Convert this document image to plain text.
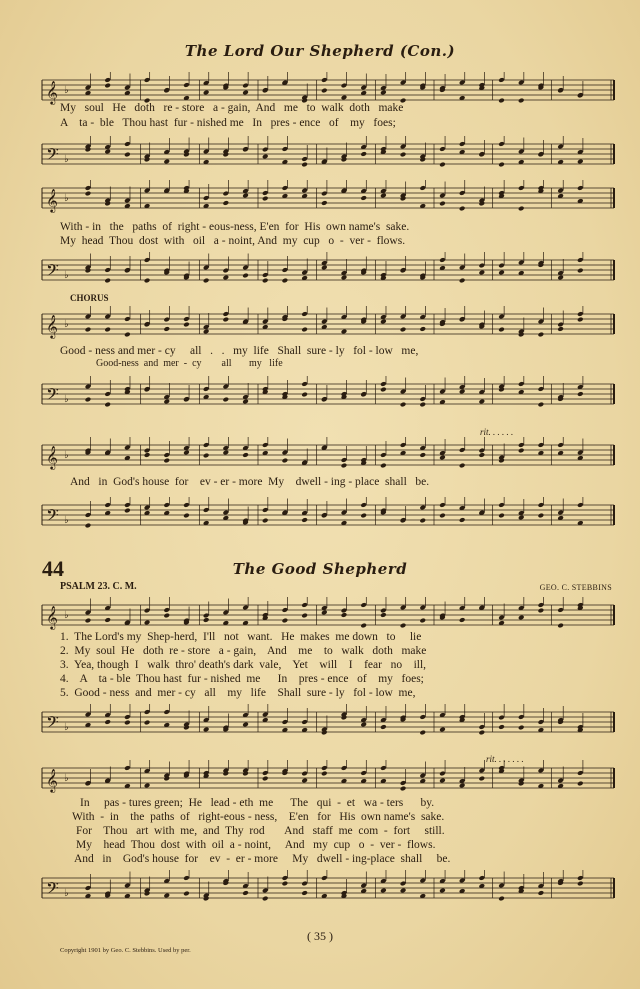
The Lord Our Shepherd (Con.)
𝄞 ♭
My   soul   He   doth   re - store   a - gain,  And   me   to  walk  doth   make
A    ta -  ble   Thou hast  fur - nished me   In   pres - ence   of    my   foes;
𝄢 ♭
𝄞 ♭
With - in   the   paths  of  right - eous-ness, E'en  for  His  own name's  sake.
My  head  Thou  dost  with   oil   a - noint, And  my  cup   o  -  ver -  flows.
𝄢 ♭
CHORUS
𝄞 ♭
Good - ness and mer - cy     all   .   .   my  life   Shall  sure - ly   fol - low   me,
Good-ness  and  mer  -  cy        all       my   life
𝄢 ♭
rit. . . . . .
𝄞 ♭
And   in  God's house  for    ev - er - more  My    dwell - ing - place  shall   be.
𝄢 ♭
44	The Good Shepherd
PSALM 23. C. M.	GEO. C. STEBBINS
𝄞 ♭
1.  The Lord's my  Shep-herd,  I'll   not   want.   He  makes  me down   to     lie
2.  My  soul  He   doth  re - store   a - gain,    And    me    to   walk   doth   make
3.  Yea, though  I   walk  thro' death's dark  vale,    Yet    will    I    fear   no    ill,
4.    A    ta - ble  Thou hast  fur - nished  me      In    pres - ence   of    my   foes;
5.  Good - ness  and  mer - cy   all    my   life    Shall  sure - ly   fol - low  me,
𝄢 ♭
rit. . . . . . .
𝄞 ♭
In     pas - tures green;  He   lead - eth  me      The   qui  -  et   wa - ters      by.
With  -  in    the  paths  of   right-eous - ness,    E'en   for   His  own name's  sake.
For    Thou   art  with  me,  and  Thy  rod       And   staff  me  com  -  fort     still.
My    head  Thou  dost  with  oil  a - noint,     And   my  cup   o  -  ver -  flows.
And   in    God's house  for    ev  -  er - more     My   dwell - ing-place  shall     be.
𝄢 ♭
( 35 )
Copyright 1901 by Geo. C. Stebbins. Used by per.
